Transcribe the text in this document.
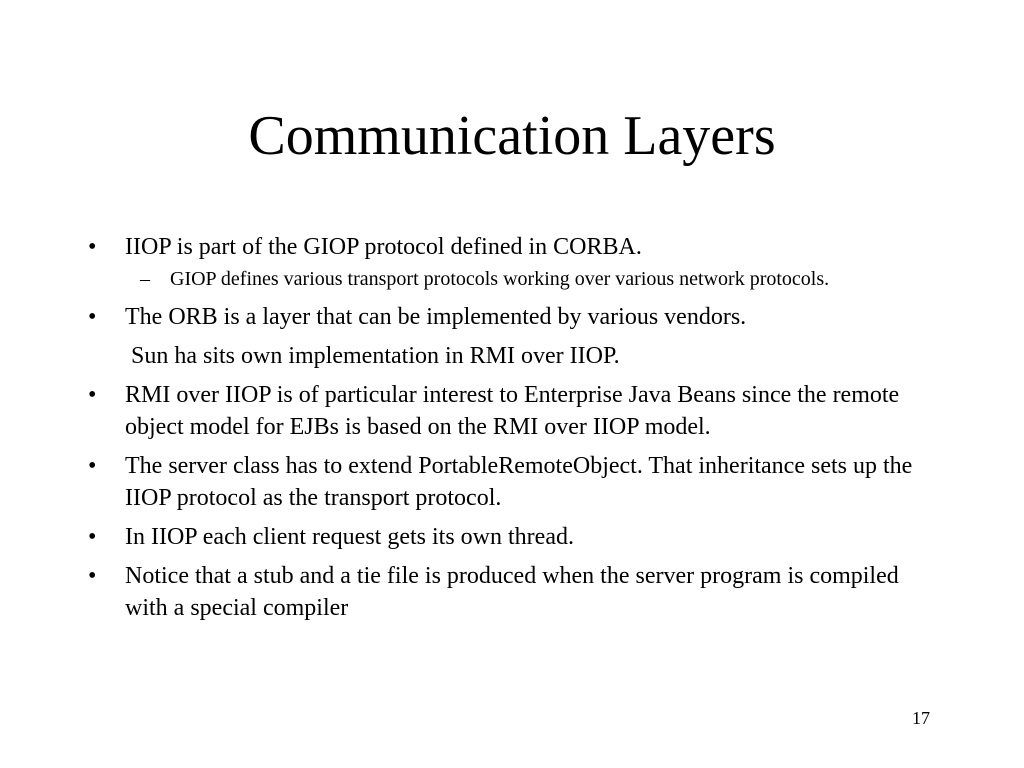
Communication Layers
• IIOP is part of the GIOP protocol defined in CORBA.
– GIOP defines various transport protocols working over various network protocols.
• The ORB is a layer that can be implemented by various vendors.
Sun ha sits own implementation in RMI over IIOP.
• RMI over IIOP is of particular interest to Enterprise Java Beans since the remote object model for EJBs is based on the RMI over IIOP model.
• The server class has to extend PortableRemoteObject. That inheritance sets up the IIOP protocol as the transport protocol.
• In IIOP each client request gets its own thread.
• Notice that a stub and a tie file is produced when the server program is compiled with a special compiler
17
